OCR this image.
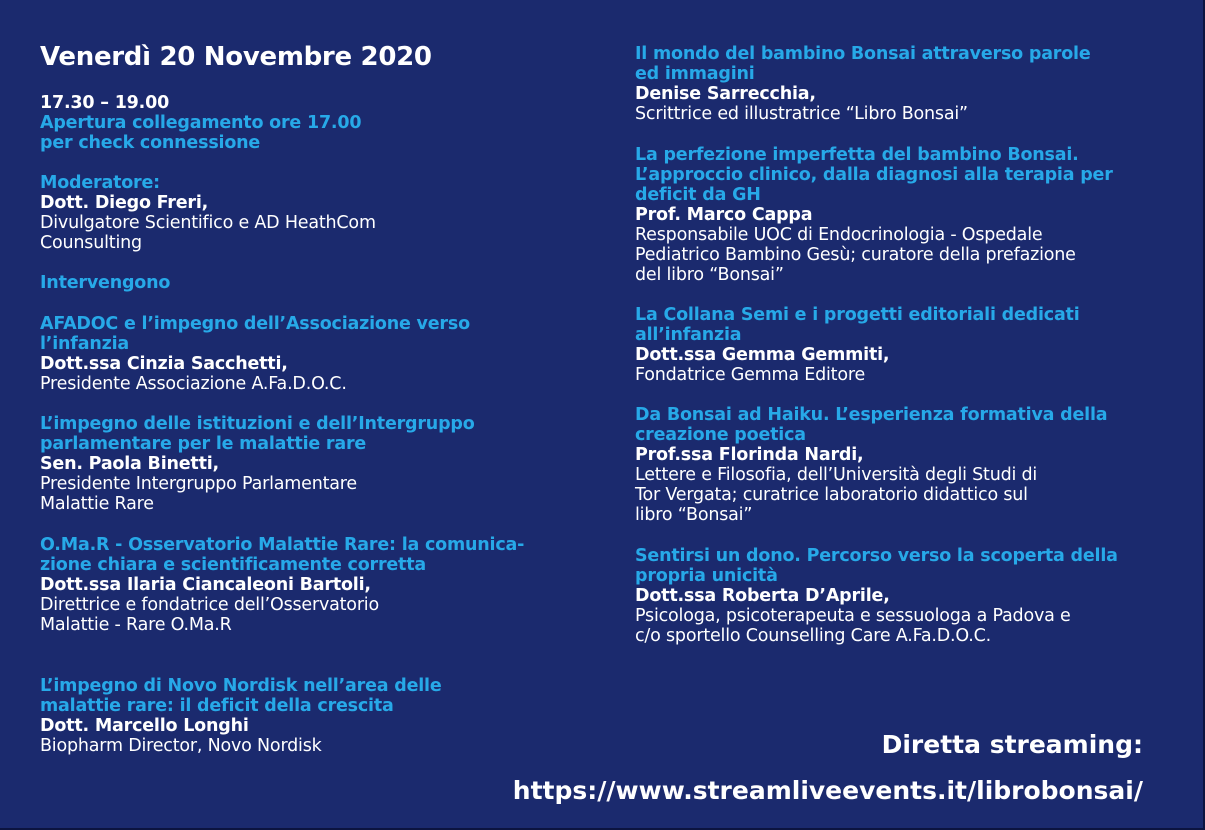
Venerdì 20 Novembre 2020
17.30 – 19.00
Apertura collegamento ore 17.00
per check connessione
Moderatore:
Dott. Diego Freri,
Divulgatore Scientifico e AD HeathCom
Counsulting
Intervengono
AFADOC e l’impegno dell’Associazione verso
l’infanzia
Dott.ssa Cinzia Sacchetti,
Presidente Associazione A.Fa.D.O.C.
L’impegno delle istituzioni e dell’Intergruppo
parlamentare per le malattie rare
Sen. Paola Binetti,
Presidente Intergruppo Parlamentare
Malattie Rare
O.Ma.R - Osservatorio Malattie Rare: la comunica-
zione chiara e scientificamente corretta
Dott.ssa Ilaria Ciancaleoni Bartoli,
Direttrice e fondatrice dell’Osservatorio
Malattie - Rare O.Ma.R
L’impegno di Novo Nordisk nell’area delle
malattie rare: il deficit della crescita
Dott. Marcello Longhi
Biopharm Director, Novo Nordisk
Il mondo del bambino Bonsai attraverso parole
ed immagini
Denise Sarrecchia,
Scrittrice ed illustratrice “Libro Bonsai”
La perfezione imperfetta del bambino Bonsai.
L’approccio clinico, dalla diagnosi alla terapia per
deficit da GH
Prof. Marco Cappa
Responsabile UOC di Endocrinologia - Ospedale
Pediatrico Bambino Gesù; curatore della prefazione
del libro “Bonsai”
La Collana Semi e i progetti editoriali dedicati
all’infanzia
Dott.ssa Gemma Gemmiti,
Fondatrice Gemma Editore
Da Bonsai ad Haiku. L’esperienza formativa della
creazione poetica
Prof.ssa Florinda Nardi,
Lettere e Filosofia, dell’Università degli Studi di
Tor Vergata; curatrice laboratorio didattico sul
libro “Bonsai”
Sentirsi un dono. Percorso verso la scoperta della
propria unicità
Dott.ssa Roberta D’Aprile,
Psicologa, psicoterapeuta e sessuologa a Padova e
c/o sportello Counselling Care A.Fa.D.O.C.
Diretta streaming:
https://www.streamliveevents.it/librobonsai/
